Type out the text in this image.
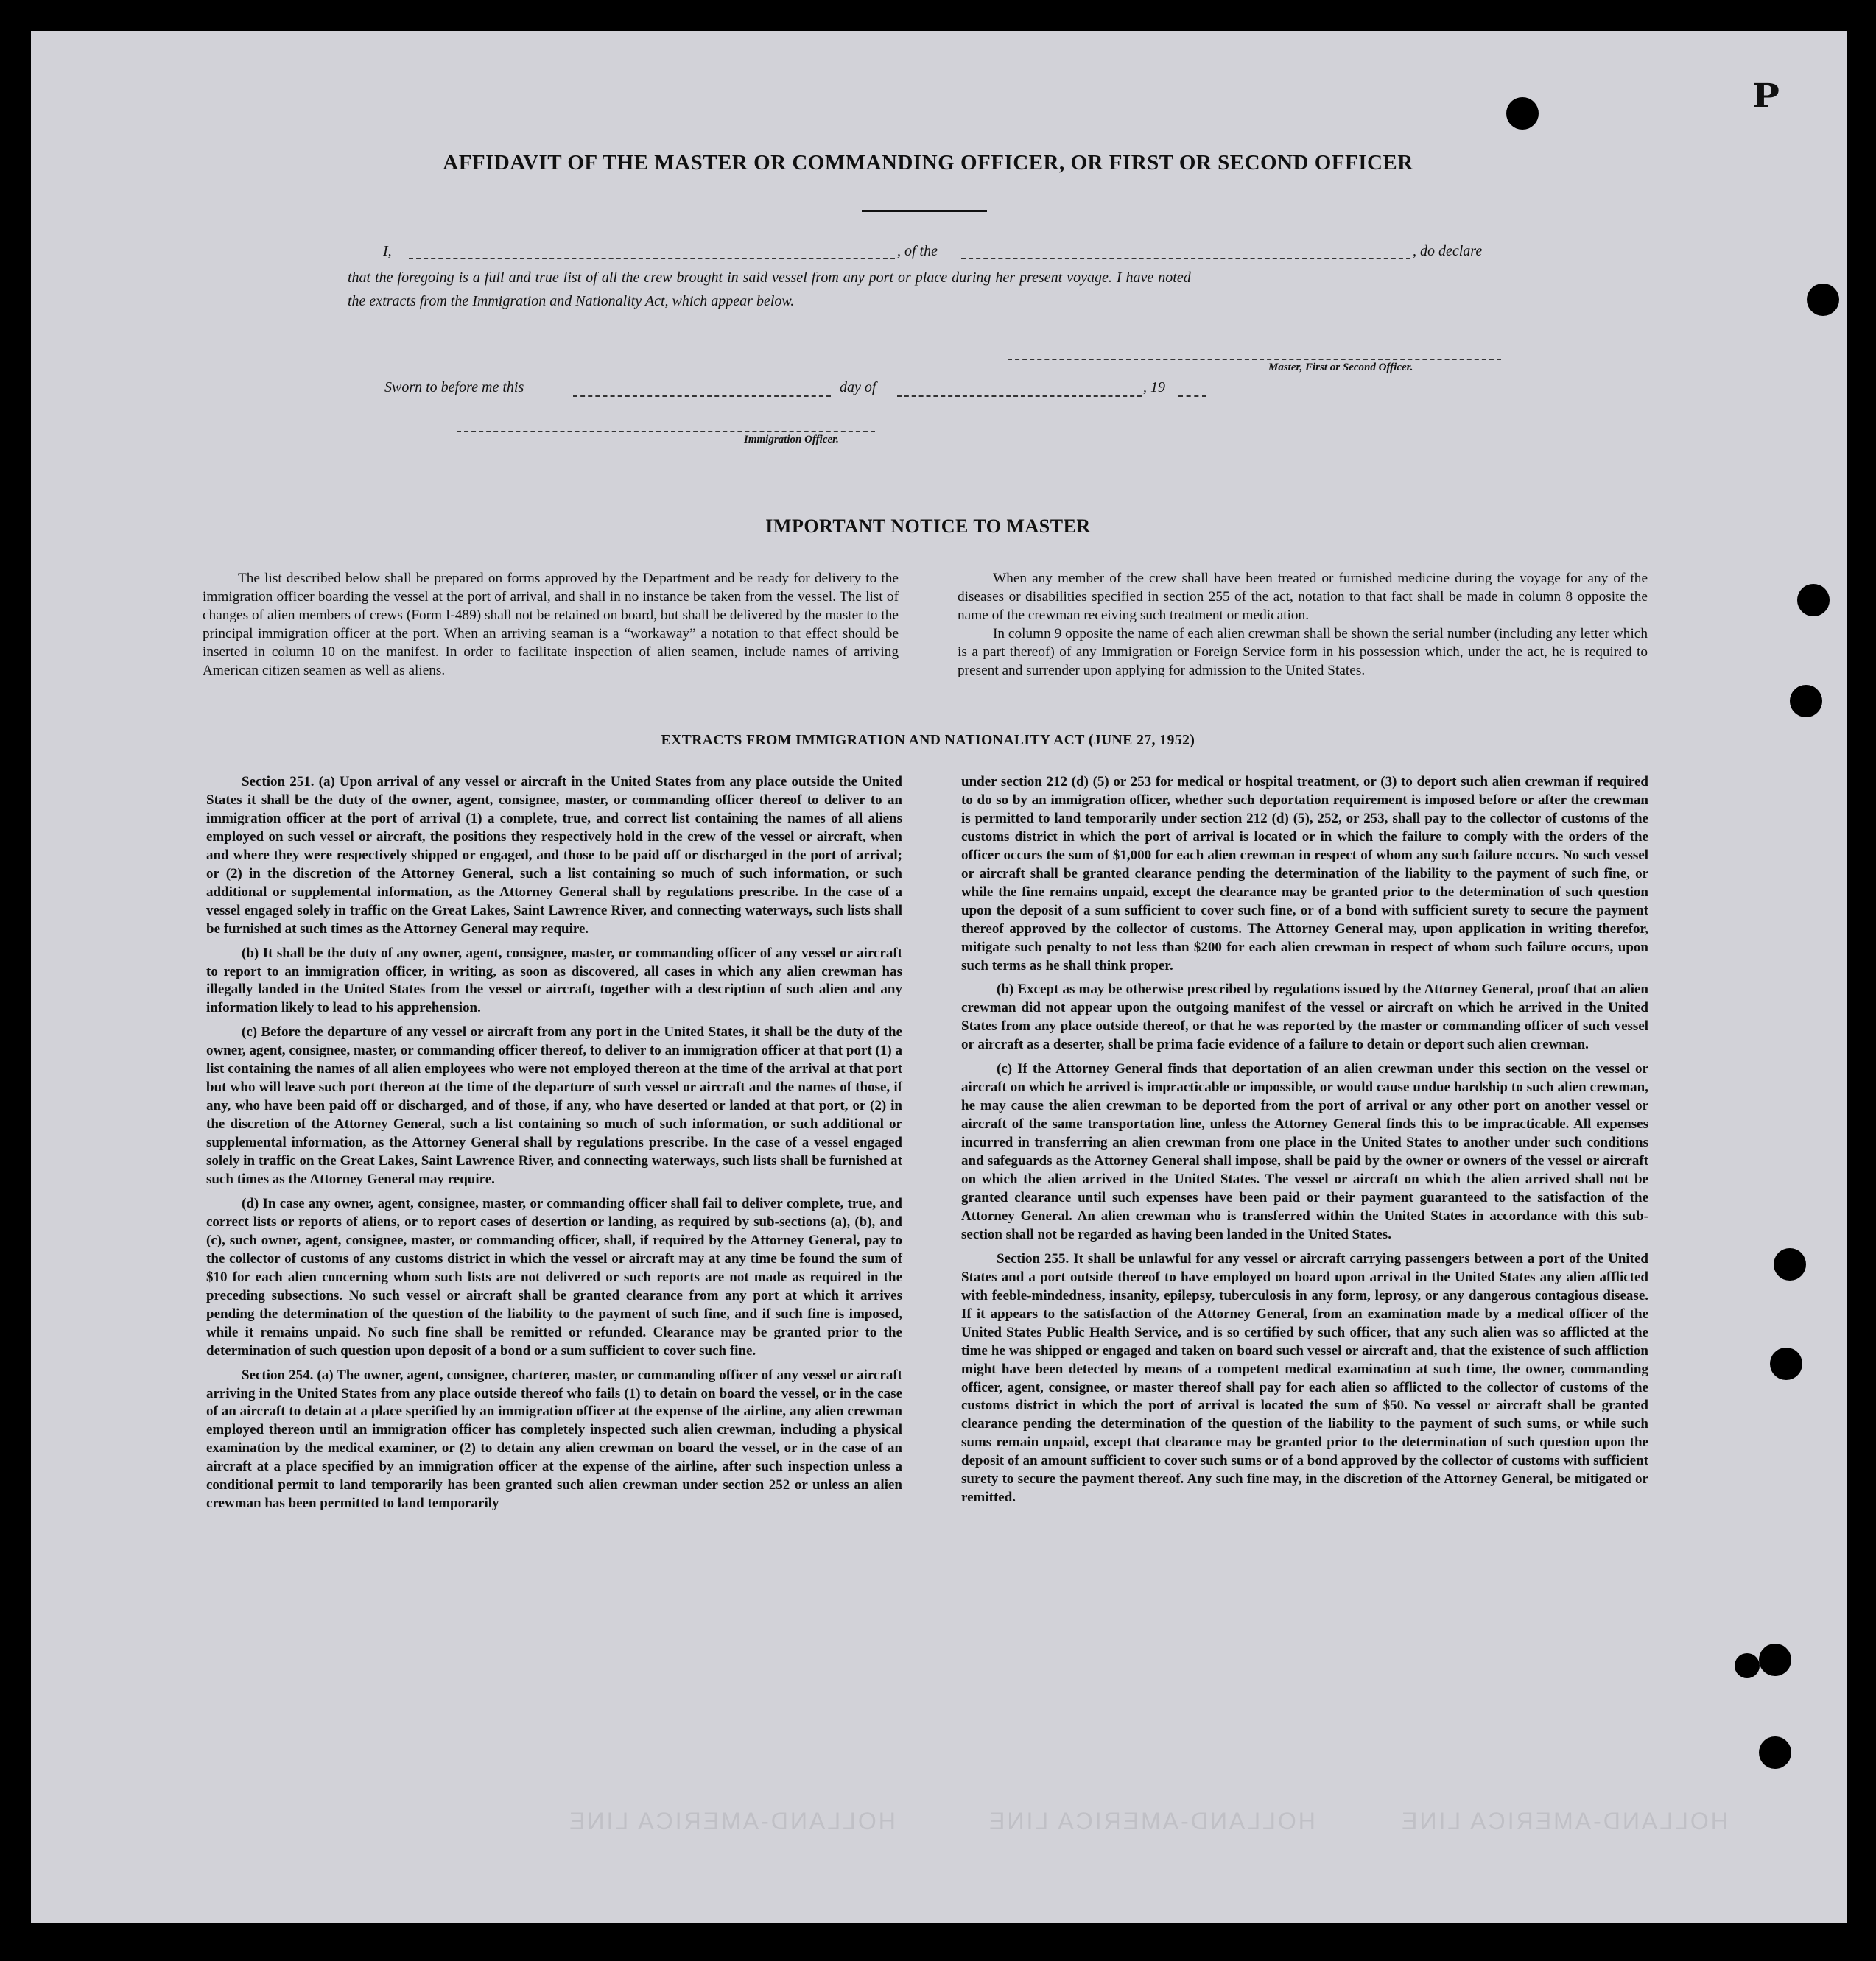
ᴘ
HOLLAND-AMERICA LINE	HOLLAND-AMERICA LINE	HOLLAND-AMERICA LINE
AFFIDAVIT OF THE MASTER OR COMMANDING OFFICER, OR FIRST OR SECOND OFFICER
I,	, of the	, do declare
that the foregoing is a full and true list of all the crew brought in said vessel from any port or place during her present voyage. I have noted
the extracts from the Immigration and Nationality Act, which appear below.
Master, First or Second Officer.
Sworn to before me this	day of	, 19
Immigration Officer.
IMPORTANT NOTICE TO MASTER

The list described below shall be prepared on forms approved by the Department and be ready for delivery to the immigration officer boarding the vessel at the port of arrival, and shall in no instance be taken from the vessel. The list of changes of alien members of crews (Form I-489) shall not be retained on board, but shall be delivered by the master to the principal immigration officer at the port. When an arriving seaman is a “workaway” a notation to that effect should be inserted in column 10 on the manifest. In order to facilitate inspection of alien seamen, include names of arriving American citizen seamen as well as aliens.

When any member of the crew shall have been treated or furnished medicine during the voyage for any of the diseases or disabilities specified in section 255 of the act, notation to that fact shall be made in column 8 opposite the name of the crewman receiving such treatment or medication.

In column 9 opposite the name of each alien crewman shall be shown the serial number (including any letter which is a part thereof) of any Immigration or Foreign Service form in his possession which, under the act, he is required to present and surrender upon applying for admission to the United States.

EXTRACTS FROM IMMIGRATION AND NATIONALITY ACT (JUNE 27, 1952)

Section 251. (a) Upon arrival of any vessel or aircraft in the United States from any place outside the United States it shall be the duty of the owner, agent, consignee, master, or commanding officer thereof to deliver to an immigration officer at the port of arrival (1) a complete, true, and correct list containing the names of all aliens employed on such vessel or aircraft, the positions they respectively hold in the crew of the vessel or aircraft, when and where they were respectively shipped or engaged, and those to be paid off or discharged in the port of arrival; or (2) in the discretion of the Attorney General, such a list containing so much of such information, or such additional or supplemental information, as the Attorney General shall by regulations prescribe. In the case of a vessel engaged solely in traffic on the Great Lakes, Saint Lawrence River, and connecting waterways, such lists shall be furnished at such times as the Attorney General may require.

(b) It shall be the duty of any owner, agent, consignee, master, or commanding officer of any vessel or aircraft to report to an immigration officer, in writing, as soon as discovered, all cases in which any alien crewman has illegally landed in the United States from the vessel or aircraft, together with a description of such alien and any information likely to lead to his apprehension.

(c) Before the departure of any vessel or aircraft from any port in the United States, it shall be the duty of the owner, agent, consignee, master, or commanding officer thereof, to deliver to an immigration officer at that port (1) a list containing the names of all alien employees who were not employed thereon at the time of the arrival at that port but who will leave such port thereon at the time of the departure of such vessel or aircraft and the names of those, if any, who have been paid off or discharged, and of those, if any, who have deserted or landed at that port, or (2) in the discretion of the Attorney General, such a list containing so much of such information, or such additional or supplemental information, as the Attorney General shall by regulations prescribe. In the case of a vessel engaged solely in traffic on the Great Lakes, Saint Lawrence River, and connecting waterways, such lists shall be furnished at such times as the Attorney General may require.

(d) In case any owner, agent, consignee, master, or commanding officer shall fail to deliver complete, true, and correct lists or reports of aliens, or to report cases of desertion or landing, as required by sub-sections (a), (b), and (c), such owner, agent, consignee, master, or commanding officer, shall, if required by the Attorney General, pay to the collector of customs of any customs district in which the vessel or aircraft may at any time be found the sum of $10 for each alien concerning whom such lists are not delivered or such reports are not made as required in the preceding subsections. No such vessel or aircraft shall be granted clearance from any port at which it arrives pending the determination of the question of the liability to the payment of such fine, and if such fine is imposed, while it remains unpaid. No such fine shall be remitted or refunded. Clearance may be granted prior to the determination of such question upon deposit of a bond or a sum sufficient to cover such fine.

Section 254. (a) The owner, agent, consignee, charterer, master, or commanding officer of any vessel or aircraft arriving in the United States from any place outside thereof who fails (1) to detain on board the vessel, or in the case of an aircraft to detain at a place specified by an immigration officer at the expense of the airline, any alien crewman employed thereon until an immigration officer has completely inspected such alien crewman, including a physical examination by the medical examiner, or (2) to detain any alien crewman on board the vessel, or in the case of an aircraft at a place specified by an immigration officer at the expense of the airline, after such inspection unless a conditional permit to land temporarily has been granted such alien crewman under section 252 or unless an alien crewman has been permitted to land temporarily

under section 212 (d) (5) or 253 for medical or hospital treatment, or (3) to deport such alien crewman if required to do so by an immigration officer, whether such deportation requirement is imposed before or after the crewman is permitted to land temporarily under section 212 (d) (5), 252, or 253, shall pay to the collector of customs of the customs district in which the port of arrival is located or in which the failure to comply with the orders of the officer occurs the sum of $1,000 for each alien crewman in respect of whom any such failure occurs. No such vessel or aircraft shall be granted clearance pending the determination of the liability to the payment of such fine, or while the fine remains unpaid, except the clearance may be granted prior to the determination of such question upon the deposit of a sum sufficient to cover such fine, or of a bond with sufficient surety to secure the payment thereof approved by the collector of customs. The Attorney General may, upon application in writing therefor, mitigate such penalty to not less than $200 for each alien crewman in respect of whom such failure occurs, upon such terms as he shall think proper.

(b) Except as may be otherwise prescribed by regulations issued by the Attorney General, proof that an alien crewman did not appear upon the outgoing manifest of the vessel or aircraft on which he arrived in the United States from any place outside thereof, or that he was reported by the master or commanding officer of such vessel or aircraft as a deserter, shall be prima facie evidence of a failure to detain or deport such alien crewman.

(c) If the Attorney General finds that deportation of an alien crewman under this section on the vessel or aircraft on which he arrived is impracticable or impossible, or would cause undue hardship to such alien crewman, he may cause the alien crewman to be deported from the port of arrival or any other port on another vessel or aircraft of the same transportation line, unless the Attorney General finds this to be impracticable. All expenses incurred in transferring an alien crewman from one place in the United States to another under such conditions and safeguards as the Attorney General shall impose, shall be paid by the owner or owners of the vessel or aircraft on which the alien arrived in the United States. The vessel or aircraft on which the alien arrived shall not be granted clearance until such expenses have been paid or their payment guaranteed to the satisfaction of the Attorney General. An alien crewman who is transferred within the United States in accordance with this sub-section shall not be regarded as having been landed in the United States.

Section 255. It shall be unlawful for any vessel or aircraft carrying passengers between a port of the United States and a port outside thereof to have employed on board upon arrival in the United States any alien afflicted with feeble-mindedness, insanity, epilepsy, tuberculosis in any form, leprosy, or any dangerous contagious disease. If it appears to the satisfaction of the Attorney General, from an examination made by a medical officer of the United States Public Health Service, and is so certified by such officer, that any such alien was so afflicted at the time he was shipped or engaged and taken on board such vessel or aircraft and, that the existence of such affliction might have been detected by means of a competent medical examination at such time, the owner, commanding officer, agent, consignee, or master thereof shall pay for each alien so afflicted to the collector of customs of the customs district in which the port of arrival is located the sum of $50. No vessel or aircraft shall be granted clearance pending the determination of the question of the liability to the payment of such sums, or while such sums remain unpaid, except that clearance may be granted prior to the determination of such question upon the deposit of an amount sufficient to cover such sums or of a bond approved by the collector of customs with sufficient surety to secure the payment thereof. Any such fine may, in the discretion of the Attorney General, be mitigated or remitted.
